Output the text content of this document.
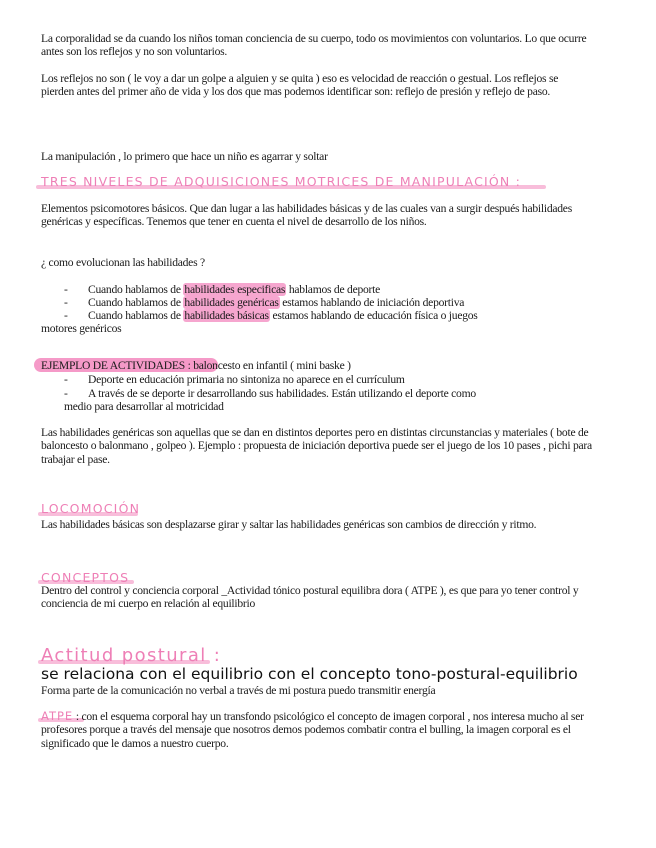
La corporalidad se da cuando los niños toman conciencia de su cuerpo, todo os movimientos con voluntarios. Lo que ocurre antes son los reflejos y no son voluntarios.

Los reflejos no son ( le voy a dar un golpe a alguien y se quita ) eso es velocidad de reacción o gestual. Los reflejos se pierden antes del primer año de vida y los dos que mas podemos identificar son: reflejo de presión y reflejo de paso.

La manipulación , lo primero que hace un niño es agarrar y soltar

TRES NIVELES DE ADQUISICIONES MOTRICES DE MANIPULACIÓN :

Elementos psicomotores básicos. Que dan lugar a las habilidades básicas y de las cuales van a surgir después habilidades genéricas y específicas. Tenemos que tener en cuenta el nivel de desarrollo de los niños.

¿ como evolucionan las habilidades ?

- Cuando hablamos de habilidades especificas hablamos de deporte
- Cuando hablamos de habilidades genéricas estamos hablando de iniciación deportiva
- Cuando hablamos de habilidades básicas estamos hablando de educación física o juegos
motores genéricos
EJEMPLO DE ACTIVIDADES : baloncesto en infantil ( mini baske )
- Deporte en educación primaria no sintoniza no aparece en el currículum
- A través de se deporte ir desarrollando sus habilidades. Están utilizando el deporte como
medio para desarrollar al motricidad

Las habilidades genéricas son aquellas que se dan en distintos deportes pero en distintas circunstancias y materiales ( bote de baloncesto o balonmano , golpeo ). Ejemplo : propuesta de iniciación deportiva puede ser el juego de los 10 pases , pichi para trabajar el pase.

LOCOMOCIÓN

Las habilidades básicas son desplazarse girar y saltar las habilidades genéricas son cambios de dirección y ritmo.

CONCEPTOS

Dentro del control y conciencia corporal _Actividad tónico postural equilibra dora ( ATPE ), es que para yo tener control y conciencia de mi cuerpo en relación al equilibrio

Actitud postural :
se relaciona con el equilibrio con el concepto tono-postural-equilibrio

Forma parte de la comunicación no verbal a través de mi postura puedo transmitir energía

ATPE : con el esquema corporal hay un transfondo psicológico el concepto de imagen corporal , nos interesa mucho al ser profesores porque a través del mensaje que nosotros demos podemos combatir contra el bulling, la imagen corporal es el significado que le damos a nuestro cuerpo.
